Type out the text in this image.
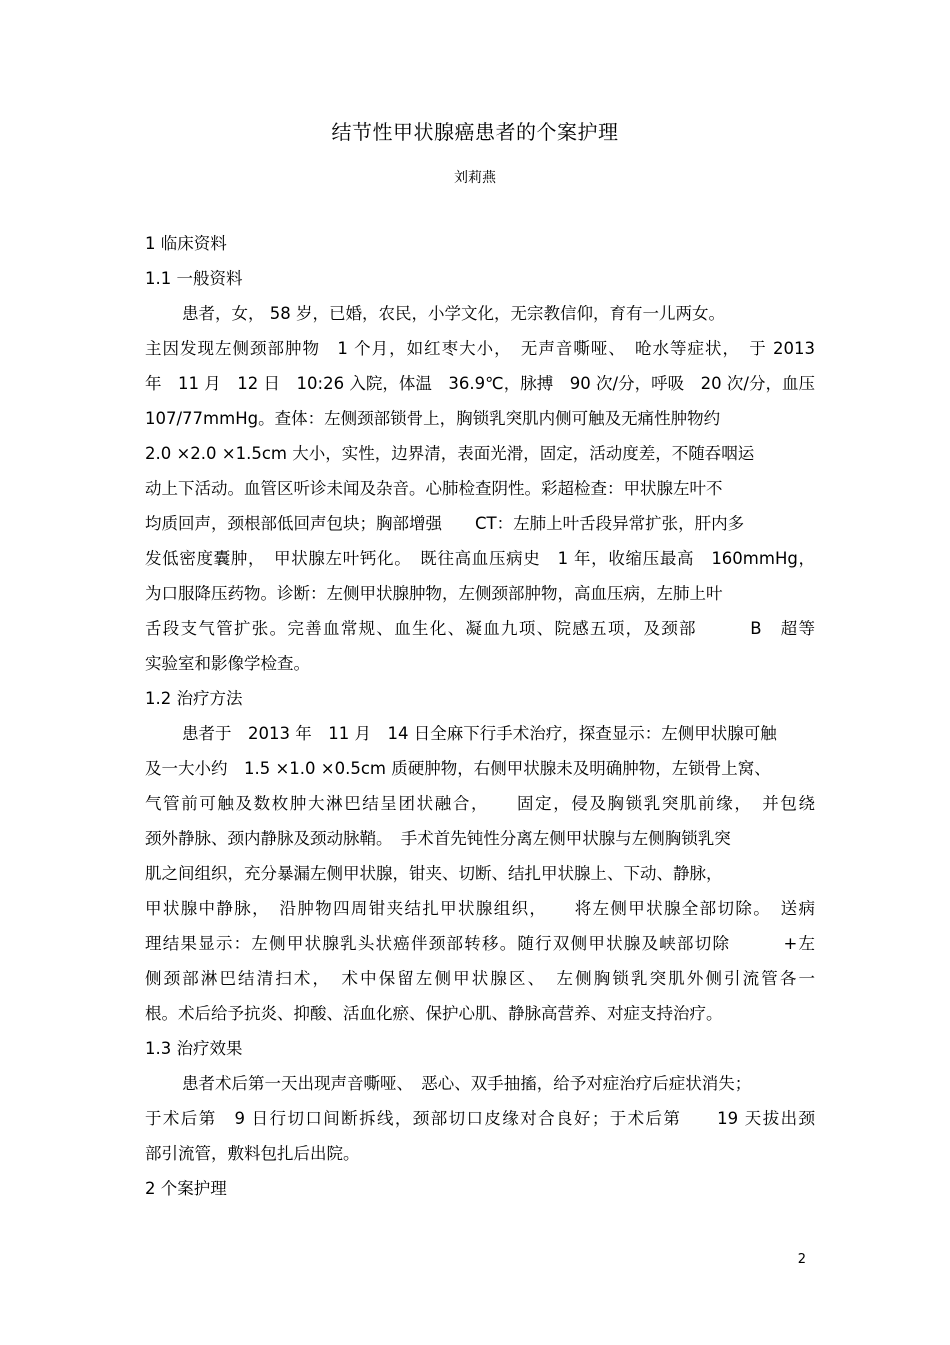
结节性甲状腺癌患者的个案护理
刘莉燕
1 临床资料
1.1 一般资料
患者，女， 58 岁，已婚，农民，小学文化，无宗教信仰，育有一儿两女。
主因发现左侧颈部肿物　1 个月，如红枣大小，　无声音嘶哑、　呛水等症状，　于 2013
年　11 月　12 日　10:26 入院，体温　36.9℃，脉搏　90 次/分，呼吸　20 次/分，血压
107/77mmHg。查体：左侧颈部锁骨上，胸锁乳突肌内侧可触及无痛性肿物约
2.0 ×2.0 ×1.5cm 大小，实性，边界清，表面光滑，固定，活动度差，不随吞咽运
动上下活动。血管区听诊未闻及杂音。心肺检查阴性。彩超检查：甲状腺左叶不
均质回声，颈根部低回声包块；胸部增强　　CT：左肺上叶舌段异常扩张，肝内多
发低密度囊肿，　甲状腺左叶钙化。　既往高血压病史　1 年，收缩压最高　160mmHg，
为口服降压药物。诊断：左侧甲状腺肿物，左侧颈部肿物，高血压病，左肺上叶
舌段支气管扩张。完善血常规、血生化、凝血九项、院感五项，及颈部　　　B　超等
实验室和影像学检查。
1.2 治疗方法
患者于　2013 年　11 月　14 日全麻下行手术治疗，探查显示：左侧甲状腺可触
及一大小约　1.5 ×1.0 ×0.5cm 质硬肿物，右侧甲状腺未及明确肿物，左锁骨上窝、
气管前可触及数枚肿大淋巴结呈团状融合，　　固定，侵及胸锁乳突肌前缘，　并包绕
颈外静脉、颈内静脉及颈动脉鞘。　手术首先钝性分离左侧甲状腺与左侧胸锁乳突
肌之间组织，充分暴漏左侧甲状腺，钳夹、切断、结扎甲状腺上、下动、静脉，
甲状腺中静脉，　沿肿物四周钳夹结扎甲状腺组织，　　将左侧甲状腺全部切除。　送病
理结果显示：左侧甲状腺乳头状癌伴颈部转移。随行双侧甲状腺及峡部切除　　　+左
侧颈部淋巴结清扫术，　术中保留左侧甲状腺区、　左侧胸锁乳突肌外侧引流管各一
根。术后给予抗炎、抑酸、活血化瘀、保护心肌、静脉高营养、对症支持治疗。
1.3 治疗效果
患者术后第一天出现声音嘶哑、　恶心、双手抽搐，给予对症治疗后症状消失；
于术后第　9 日行切口间断拆线，颈部切口皮缘对合良好；于术后第　　19 天拔出颈
部引流管，敷料包扎后出院。
2 个案护理
2
